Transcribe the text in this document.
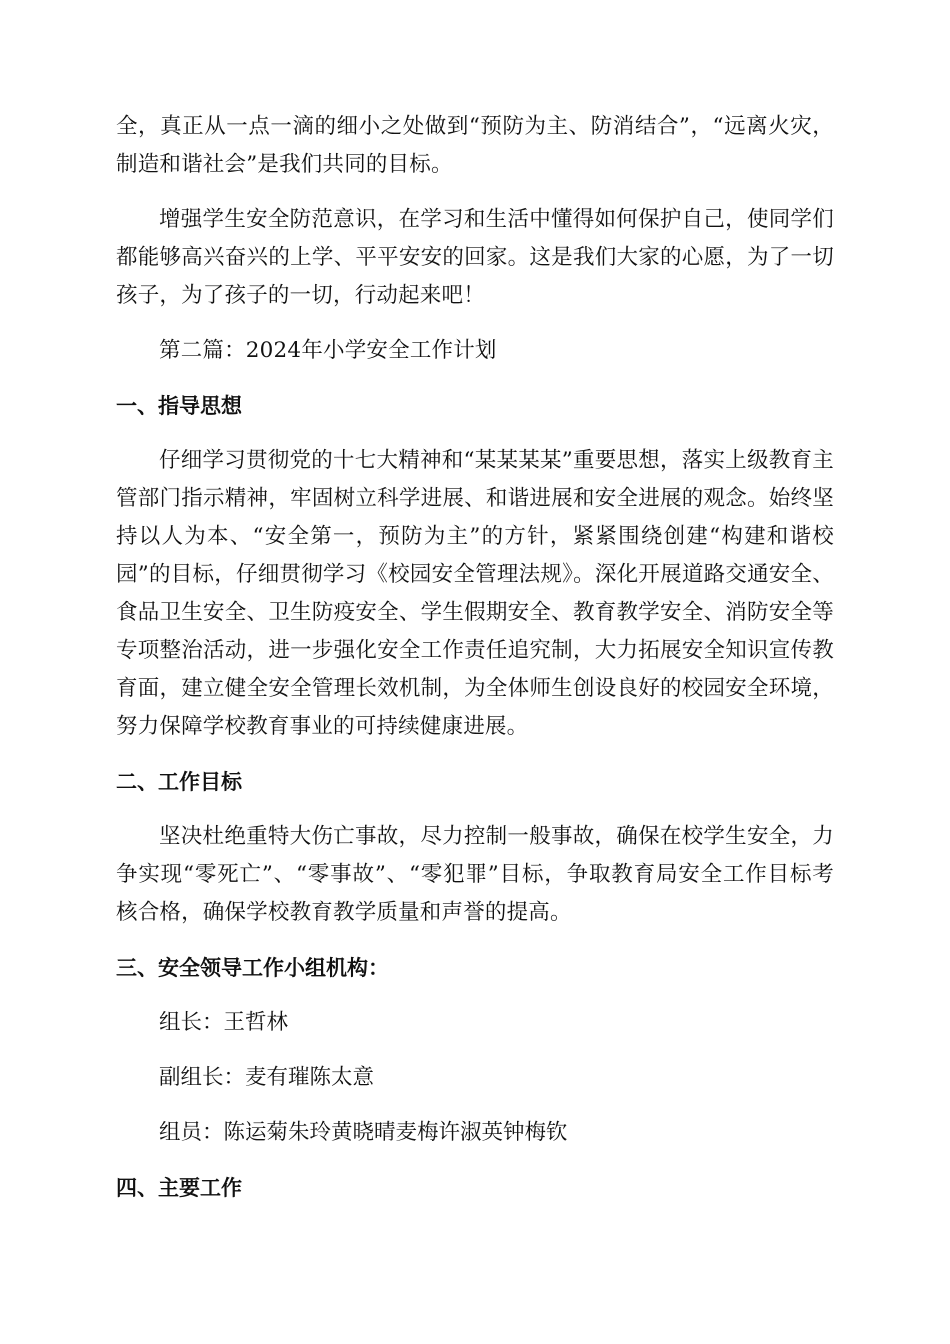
全，真正从一点一滴的细小之处做到“预防为主、防消结合”，“远离火灾，制造和谐社会”是我们共同的目标。

增强学生安全防范意识，在学习和生活中懂得如何保护自己，使同学们都能够高兴奋兴的上学、平平安安的回家。这是我们大家的心愿，为了一切孩子，为了孩子的一切，行动起来吧！

第二篇：2024年小学安全工作计划

一、指导思想

仔细学习贯彻党的十七大精神和“某某某某”重要思想，落实上级教育主管部门指示精神，牢固树立科学进展、和谐进展和安全进展的观念。始终坚持以人为本、“安全第一，预防为主”的方针，紧紧围绕创建“构建和谐校园”的目标，仔细贯彻学习《校园安全管理法规》。深化开展道路交通安全、食品卫生安全、卫生防疫安全、学生假期安全、教育教学安全、消防安全等专项整治活动，进一步强化安全工作责任追究制，大力拓展安全知识宣传教育面，建立健全安全管理长效机制，为全体师生创设良好的校园安全环境，努力保障学校教育事业的可持续健康进展。

二、工作目标

坚决杜绝重特大伤亡事故，尽力控制一般事故，确保在校学生安全，力争实现“零死亡”、“零事故”、“零犯罪”目标，争取教育局安全工作目标考核合格，确保学校教育教学质量和声誉的提高。

三、安全领导工作小组机构：
组长：王哲林
副组长：麦有璀陈太意
组员：陈运菊朱玲黄晓晴麦梅许淑英钟梅钦
四、主要工作
